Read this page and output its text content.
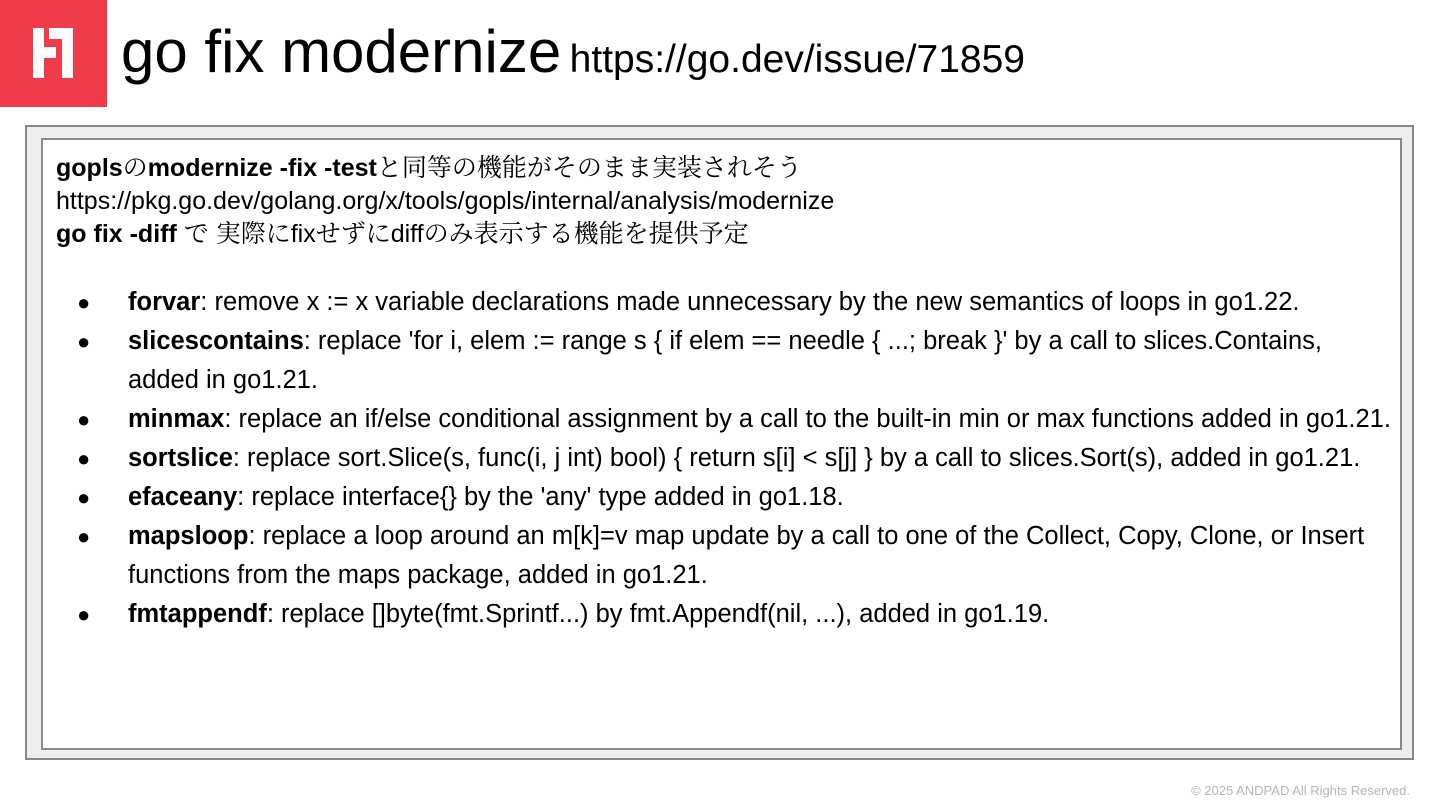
go fix modernize https://go.dev/issue/71859
goplsのmodernize -fix -testと同等の機能がそのまま実装されそう
https://pkg.go.dev/golang.org/x/tools/gopls/internal/analysis/modernize
go fix -diff で 実際にfixせずにdiffのみ表示する機能を提供予定
● forvar: remove x := x variable declarations made unnecessary by the new semantics of loops in go1.22.
● slicescontains: replace 'for i, elem := range s { if elem == needle { ...; break }' by a call to slices.Contains, added in go1.21.
● minmax: replace an if/else conditional assignment by a call to the built-in min or max functions added in go1.21.
● sortslice: replace sort.Slice(s, func(i, j int) bool) { return s[i] < s[j] } by a call to slices.Sort(s), added in go1.21.
● efaceany: replace interface{} by the 'any' type added in go1.18.
● mapsloop: replace a loop around an m[k]=v map update by a call to one of the Collect, Copy, Clone, or Insert functions from the maps package, added in go1.21.
● fmtappendf: replace []byte(fmt.Sprintf...) by fmt.Appendf(nil, ...), added in go1.19.
© 2025 ANDPAD All Rights Reserved.
